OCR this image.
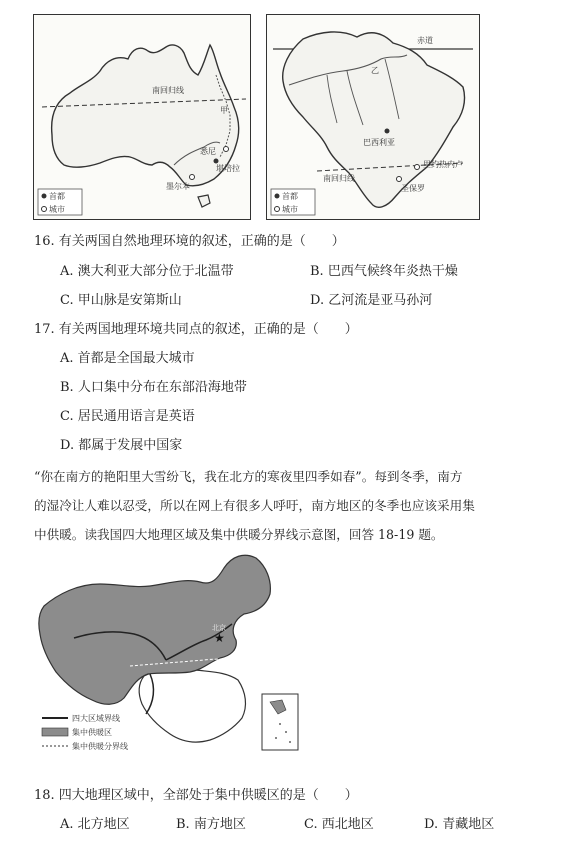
南回归线
甲
悉尼
堪培拉
墨尔本
首都
城市
赤道
乙
巴西利亚
南回归线
里约热内卢
圣保罗
首都
城市
16. 有关两国自然地理环境的叙述，正确的是（　　）
A. 澳大利亚大部分位于北温带	B. 巴西气候终年炎热干燥
C. 甲山脉是安第斯山	D. 乙河流是亚马孙河
17. 有关两国地理环境共同点的叙述，正确的是（　　）
A. 首都是全国最大城市
B. 人口集中分布在东部沿海地带
C. 居民通用语言是英语
D. 都属于发展中国家
“你在南方的艳阳里大雪纷飞，我在北方的寒夜里四季如春”。每到冬季，南方
的湿冷让人难以忍受，所以在网上有很多人呼吁，南方地区的冬季也应该采用集
中供暖。读我国四大地理区域及集中供暖分界线示意图，回答 18-19 题。
北京
★
四大区域界线
集中供暖区
集中供暖分界线
18. 四大地理区域中，全部处于集中供暖区的是（　　）
A. 北方地区	B. 南方地区	C. 西北地区	D. 青藏地区
